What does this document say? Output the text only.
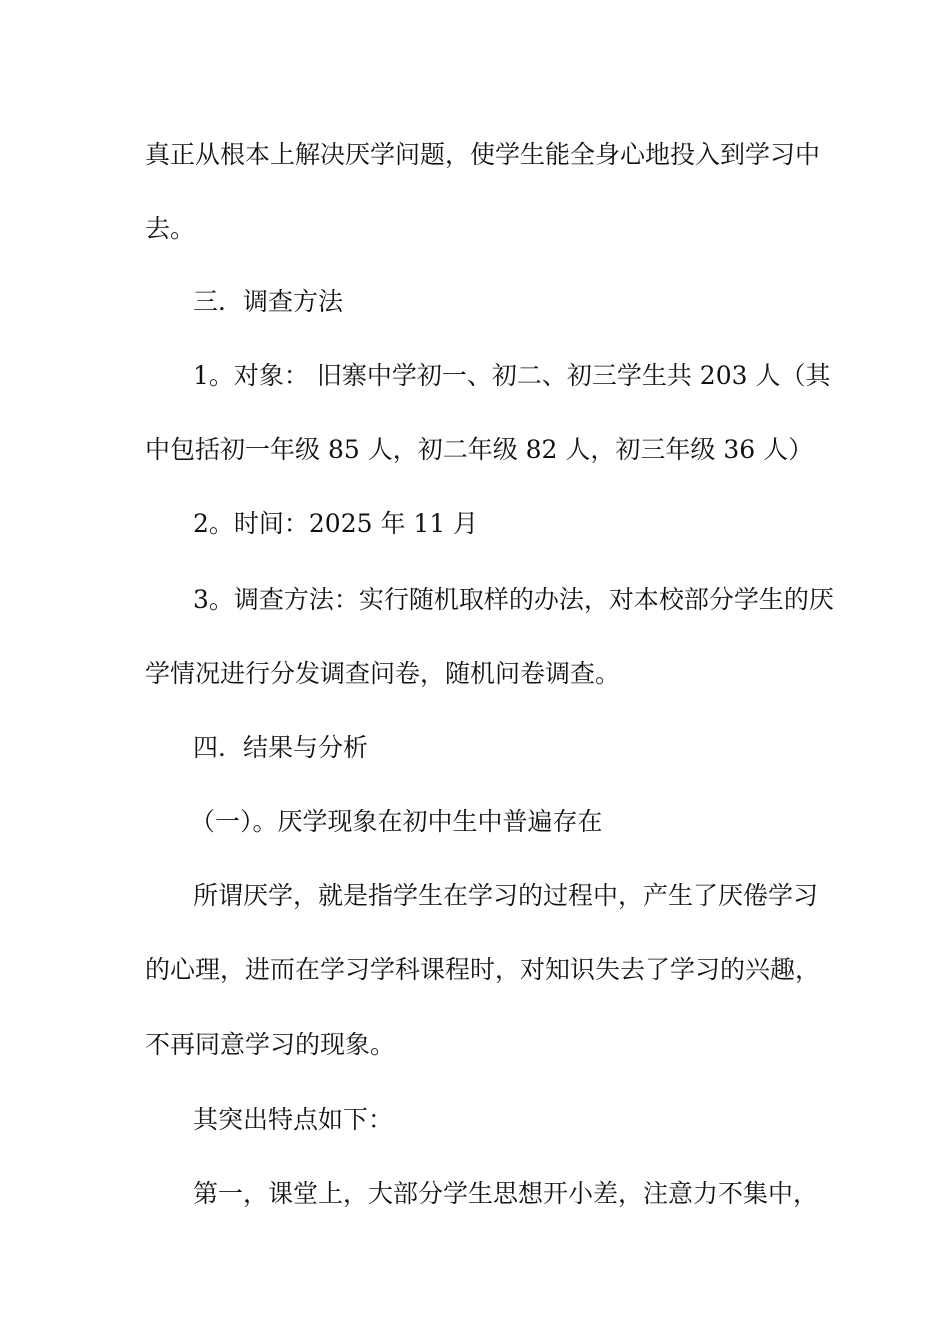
真正从根本上解决厌学问题，使学生能全身心地投入到学习中
去。
三．调查方法
1。对象： 旧寨中学初一、初二、初三学生共 203 人（其
中包括初一年级 85 人，初二年级 82 人，初三年级 36 人）
2。时间：2025 年 11 月
3。调查方法：实行随机取样的办法，对本校部分学生的厌
学情况进行分发调查问卷，随机问卷调查。
四．结果与分析
（一）。厌学现象在初中生中普遍存在
所谓厌学，就是指学生在学习的过程中，产生了厌倦学习
的心理，进而在学习学科课程时，对知识失去了学习的兴趣，
不再同意学习的现象。
其突出特点如下：
第一，课堂上，大部分学生思想开小差，注意力不集中，
